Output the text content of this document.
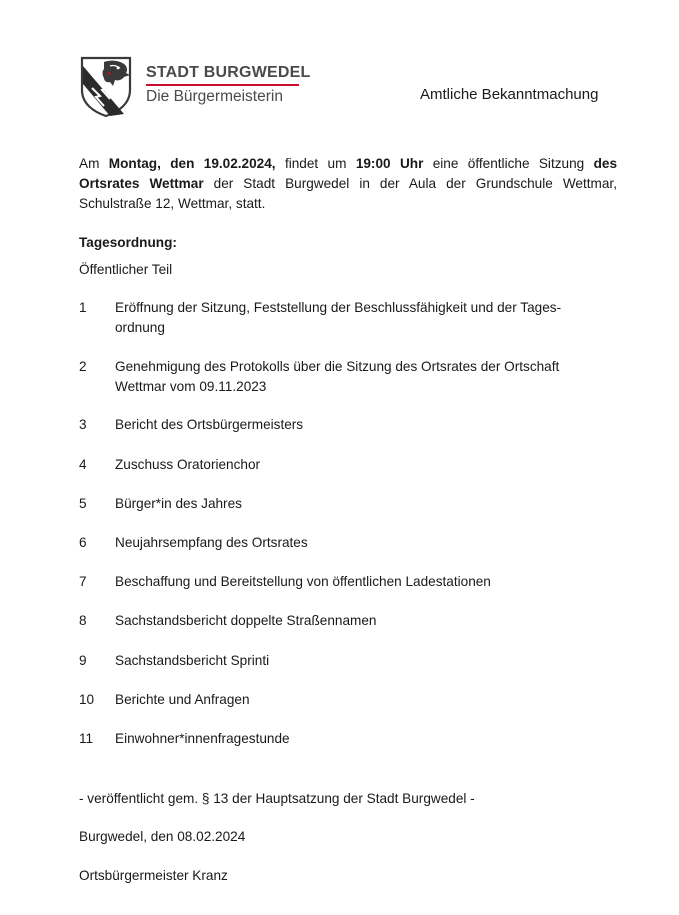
STADT BURGWEDEL
Die Bürgermeisterin	Amtliche Bekanntmachung
Am Montag, den 19.02.2024, findet um 19:00 Uhr eine öffentliche Sitzung des Ortsrates Wettmar der Stadt Burgwedel in der Aula der Grundschule Wettmar, Schulstraße 12, Wettmar, statt.
Tagesordnung:
Öffentlicher Teil
1	Eröffnung der Sitzung, Feststellung der Beschlussfähigkeit und der Tages-
ordnung
2	Genehmigung des Protokolls über die Sitzung des Ortsrates der Ortschaft
Wettmar vom 09.11.2023
3	Bericht des Ortsbürgermeisters
4	Zuschuss Oratorienchor
5	Bürger*in des Jahres
6	Neujahrsempfang des Ortsrates
7	Beschaffung und Bereitstellung von öffentlichen Ladestationen
8	Sachstandsbericht doppelte Straßennamen
9	Sachstandsbericht Sprinti
10	Berichte und Anfragen
11	Einwohner*innenfragestunde
- veröffentlicht gem. § 13 der Hauptsatzung der Stadt Burgwedel -
Burgwedel, den 08.02.2024
Ortsbürgermeister Kranz
